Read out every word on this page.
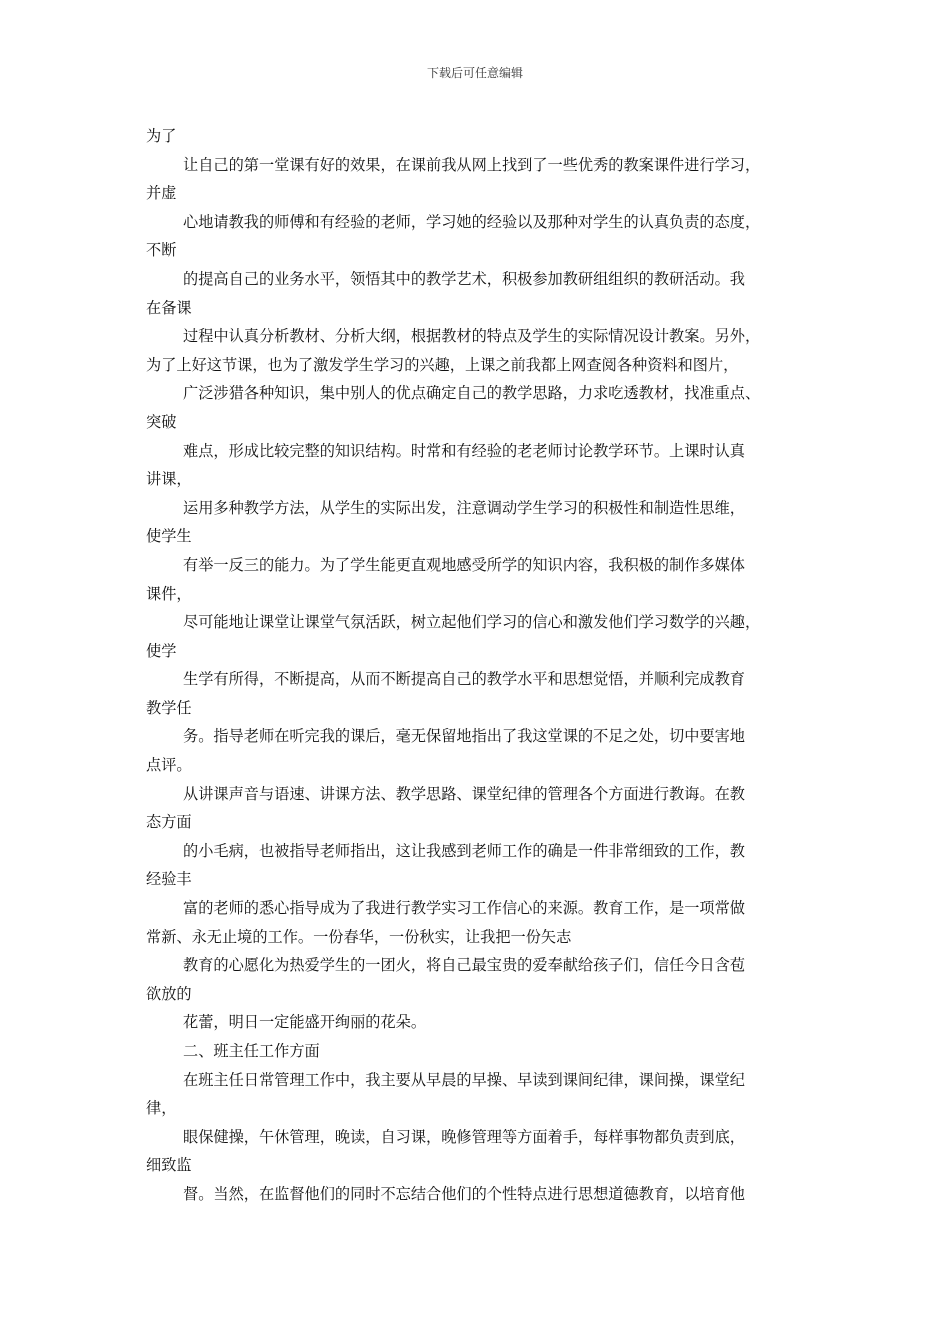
下载后可任意编辑
为了
让自己的第一堂课有好的效果，在课前我从网上找到了一些优秀的教案课件进行学习，
并虚
心地请教我的师傅和有经验的老师，学习她的经验以及那种对学生的认真负责的态度，
不断
的提高自己的业务水平，领悟其中的教学艺术，积极参加教研组组织的教研活动。我
在备课
过程中认真分析教材、分析大纲，根据教材的特点及学生的实际情况设计教案。另外，
为了上好这节课，也为了激发学生学习的兴趣，上课之前我都上网查阅各种资料和图片，
广泛涉猎各种知识，集中别人的优点确定自己的教学思路，力求吃透教材，找准重点、
突破
难点，形成比较完整的知识结构。时常和有经验的老老师讨论教学环节。上课时认真
讲课，
运用多种教学方法，从学生的实际出发，注意调动学生学习的积极性和制造性思维，
使学生
有举一反三的能力。为了学生能更直观地感受所学的知识内容，我积极的制作多媒体
课件，
尽可能地让课堂让课堂气氛活跃，树立起他们学习的信心和激发他们学习数学的兴趣，
使学
生学有所得，不断提高，从而不断提高自己的教学水平和思想觉悟，并顺利完成教育
教学任
务。指导老师在听完我的课后，毫无保留地指出了我这堂课的不足之处，切中要害地
点评。
从讲课声音与语速、讲课方法、教学思路、课堂纪律的管理各个方面进行教诲。在教
态方面
的小毛病，也被指导老师指出，这让我感到老师工作的确是一件非常细致的工作，教
经验丰
富的老师的悉心指导成为了我进行教学实习工作信心的来源。教育工作，是一项常做
常新、永无止境的工作。一份春华，一份秋实，让我把一份矢志
教育的心愿化为热爱学生的一团火，将自己最宝贵的爱奉献给孩子们，信任今日含苞
欲放的
花蕾，明日一定能盛开绚丽的花朵。
二、班主任工作方面
在班主任日常管理工作中，我主要从早晨的早操、早读到课间纪律，课间操，课堂纪
律，
眼保健操，午休管理，晚读，自习课，晚修管理等方面着手，每样事物都负责到底，
细致监
督。当然，在监督他们的同时不忘结合他们的个性特点进行思想道德教育，以培育他
